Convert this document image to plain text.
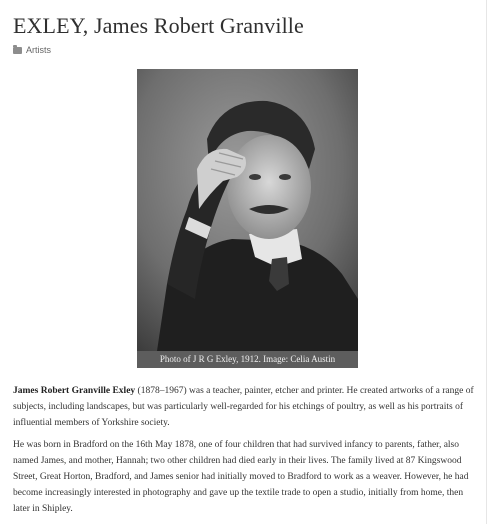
EXLEY, James Robert Granville
Artists
Photo of J R G Exley, 1912. Image: Celia Austin

James Robert Granville Exley (1878–1967) was a teacher, painter, etcher and printer. He created artworks of a range of subjects, including landscapes, but was particularly well-regarded for his etchings of poultry, as well as his portraits of influential members of Yorkshire society.

He was born in Bradford on the 16th May 1878, one of four children that had survived infancy to parents, father, also named James, and mother, Hannah; two other children had died early in their lives. The family lived at 87 Kingswood Street, Great Horton, Bradford, and James senior had initially moved to Bradford to work as a weaver. However, he had become increasingly interested in photography and gave up the textile trade to open a studio, initially from home, then later in Shipley.
